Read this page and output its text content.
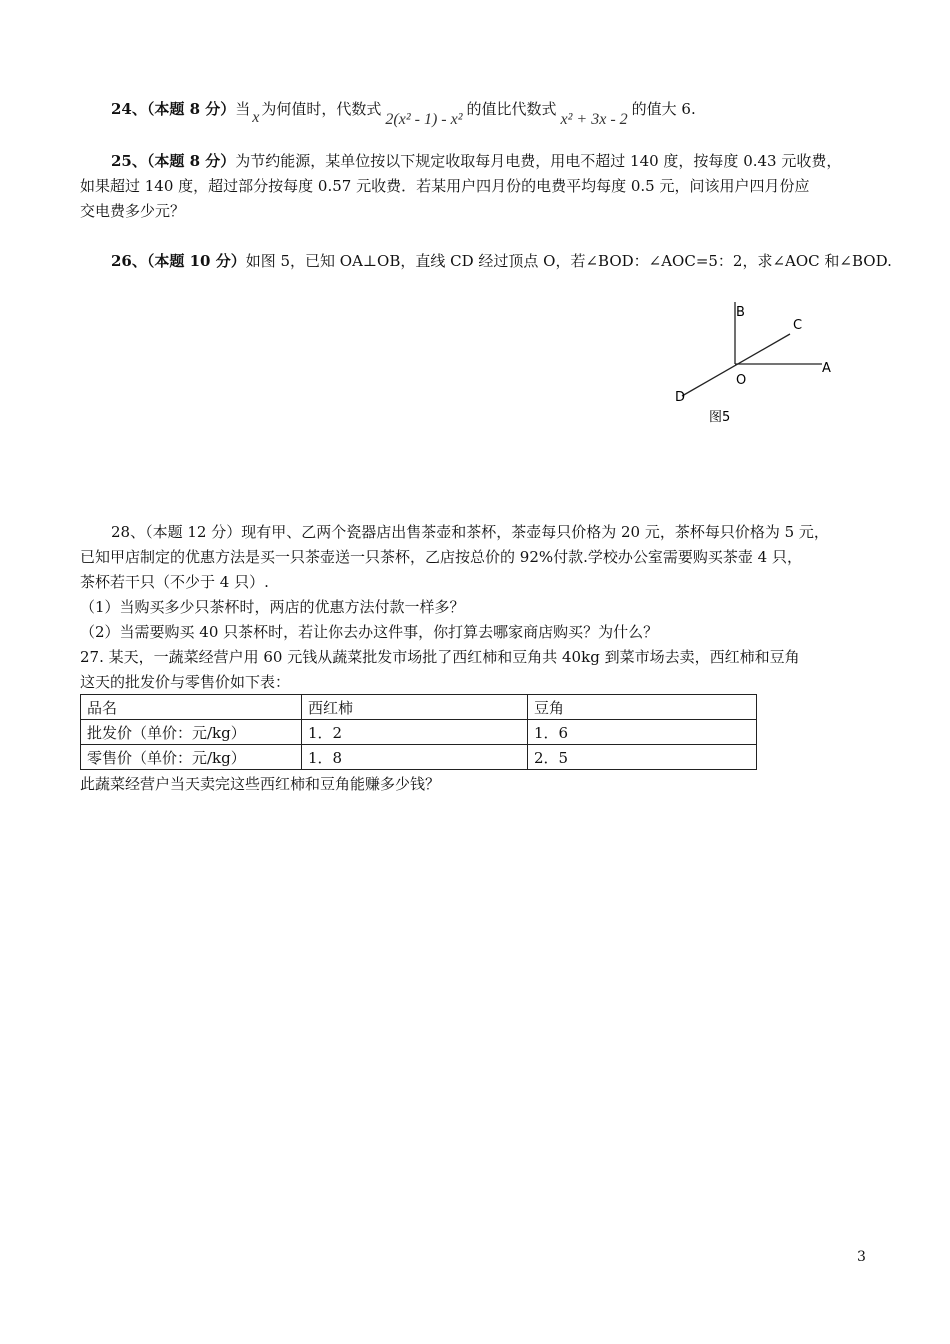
24、（本题 8 分）当 x 为何值时，代数式2(x² - 1) - x²的值比代数式x² + 3x - 2的值大 6.
25、（本题 8 分）为节约能源，某单位按以下规定收取每月电费，用电不超过 140 度，按每度 0.43 元收费，
如果超过 140 度，超过部分按每度 0.57 元收费．若某用户四月份的电费平均每度 0.5 元，问该用户四月份应
交电费多少元？
26、（本题 10 分）如图 5，已知 OA⊥OB，直线 CD 经过顶点 O，若∠BOD：∠AOC=5：2，求∠AOC 和∠BOD.
B
C
A
O
D
图5
28、（本题 12 分）现有甲、乙两个瓷器店出售茶壶和茶杯，茶壶每只价格为 20 元，茶杯每只价格为 5 元，
已知甲店制定的优惠方法是买一只茶壶送一只茶杯，乙店按总价的 92%付款.学校办公室需要购买茶壶 4 只，
茶杯若干只（不少于 4 只）.
（1）当购买多少只茶杯时，两店的优惠方法付款一样多？
（2）当需要购买 40 只茶杯时，若让你去办这件事，你打算去哪家商店购买？为什么？
27. 某天，一蔬菜经营户用 60 元钱从蔬菜批发市场批了西红柿和豆角共 40kg 到菜市场去卖，西红柿和豆角
这天的批发价与零售价如下表：
品名	西红柿	豆角
批发价（单价：元/kg）	1．2	1．6
零售价（单价：元/kg）	1．8	2．5
此蔬菜经营户当天卖完这些西红柿和豆角能赚多少钱？
3
